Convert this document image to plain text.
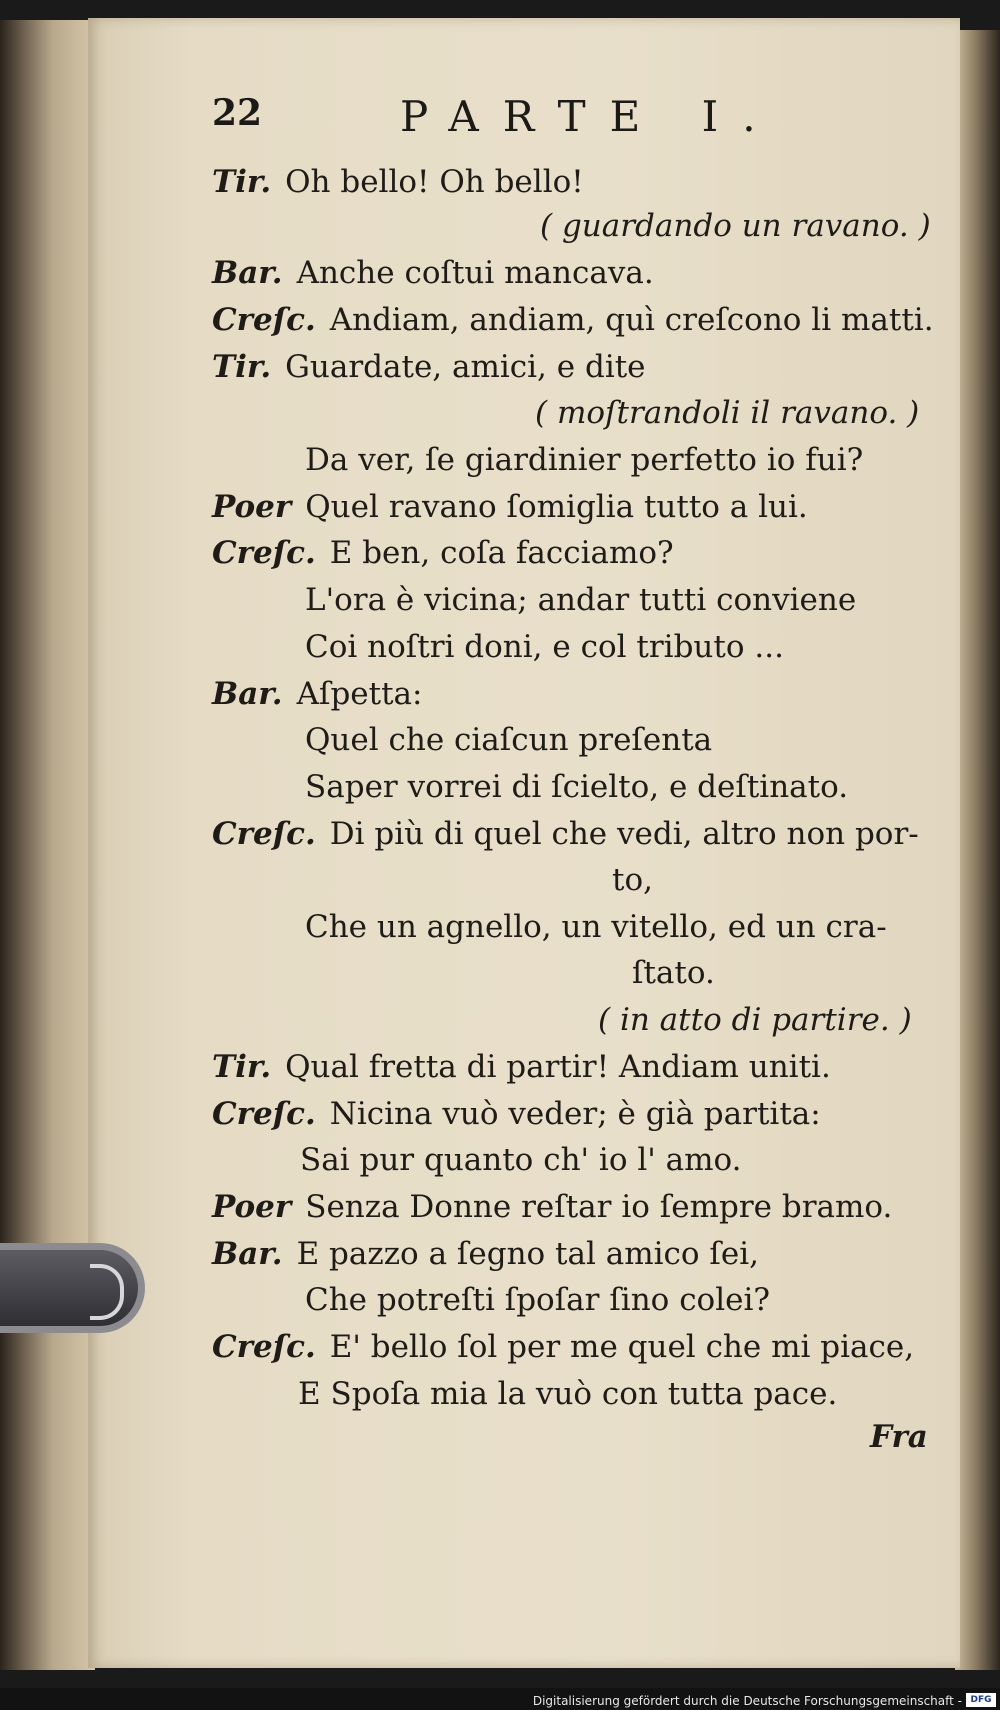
22	PARTE I.
Tir. Oh bello! Oh bello!
( guardando un ravano. )
Bar. Anche coſtui mancava.
Creſc. Andiam, andiam, quì creſcono li matti.
Tir. Guardate, amici, e dite
( moſtrandoli il ravano. )
Da ver, ſe giardinier perfetto io fui?
Poer Quel ravano ſomiglia tutto a lui.
Creſc. E ben, coſa facciamo?
L'ora è vicina; andar tutti conviene
Coi noſtri doni, e col tributo ...
Bar. Aſpetta:
Quel che ciaſcun preſenta
Saper vorrei di ſcielto, e deſtinato.
Creſc. Di più di quel che vedi, altro non por-
to,
Che un agnello, un vitello, ed un cra-
ſtato.
( in atto di partire. )
Tir. Qual fretta di partir! Andiam uniti.
Creſc. Nicina vuò veder; è già partita:
Sai pur quanto ch' io l' amo.
Poer Senza Donne reſtar io ſempre bramo.
Bar. E pazzo a ſegno tal amico ſei,
Che potreſti ſpoſar ſino colei?
Creſc. E' bello ſol per me quel che mi piace,
E Spoſa mia la vuò con tutta pace.
Fra
Digitalisierung gefördert durch die Deutsche Forschungsgemeinschaft - DFG
